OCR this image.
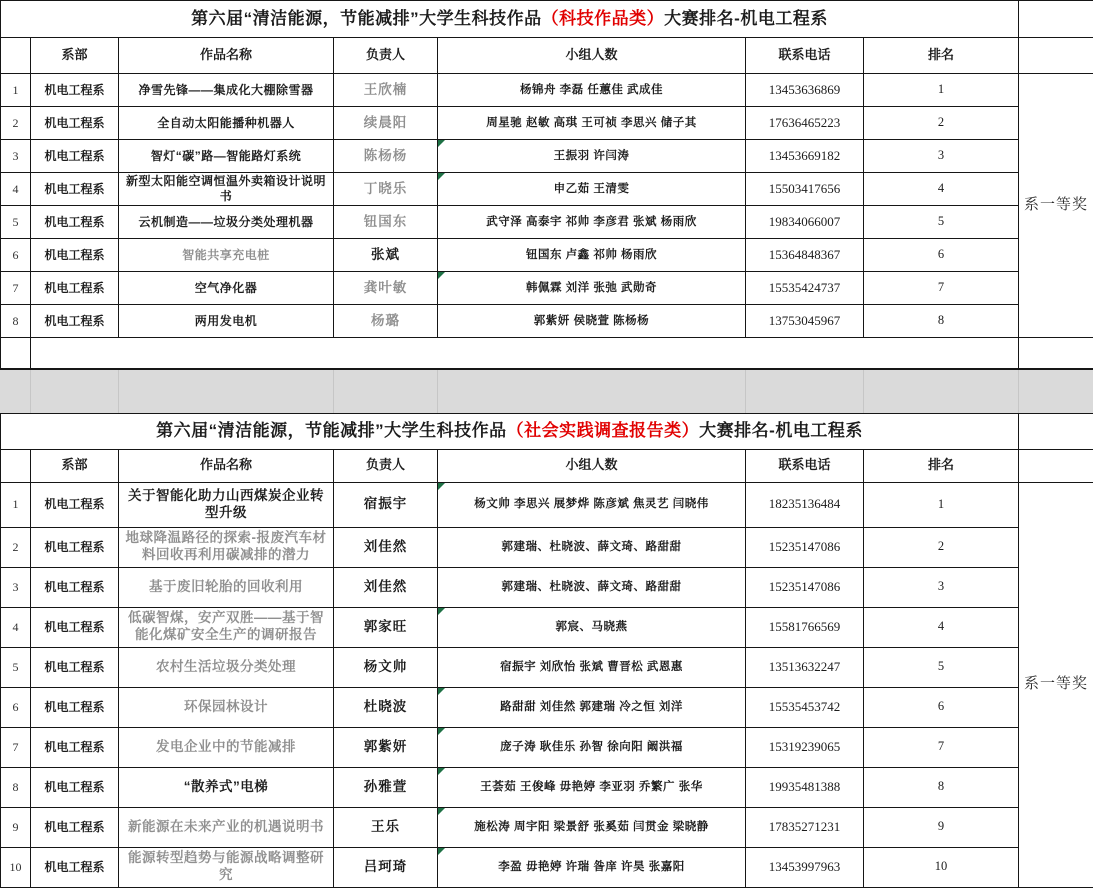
第六届“清洁能源，节能减排”大学生科技作品（科技作品类）大赛排名-机电工程系							
	系部	作品名称	负责人	小组人数	联系电话	排名	
1	机电工程系	净雪先锋——集成化大棚除雪器	王欣楠	杨锦舟 李磊 任蕙佳 武成佳	13453636869	1	系一等奖
2	机电工程系	全自动太阳能播种机器人	续晨阳	周星驰 赵敏 高琪 王可祯 李思兴 储子其	17636465223	2	
3	机电工程系	智灯“碳”路—智能路灯系统	陈杨杨	王振羽 许闫涛	13453669182	3	
4	机电工程系	新型太阳能空调恒温外卖箱设计说明书	丁晓乐	申乙茹 王清雯	15503417656	4	
5	机电工程系	云机制造——垃圾分类处理机器	钮国东	武守泽 高泰宇 祁帅 李彦君 张斌 杨雨欣	19834066007	5	
6	机电工程系	智能共享充电桩	张斌	钮国东 卢鑫 祁帅 杨雨欣	15364848367	6	
7	机电工程系	空气净化器	龚叶敏	韩佩霖 刘洋 张弛 武勋奇	15535424737	7	
8	机电工程系	两用发电机	杨璐	郭紫妍 侯晓萱 陈杨杨	13753045967	8	

第六届“清洁能源，节能减排”大学生科技作品（社会实践调查报告类）大赛排名-机电工程系							
	系部	作品名称	负责人	小组人数	联系电话	排名	
1	机电工程系	关于智能化助力山西煤炭企业转型升级	宿振宇	杨文帅 李思兴 展梦烨 陈彦斌 焦灵艺 闫晓伟	18235136484	1	系一等奖
2	机电工程系	地球降温路径的探索-报废汽车材料回收再利用碳减排的潜力	刘佳然	郭建瑞、杜晓波、薛文琦、路甜甜	15235147086	2	
3	机电工程系	基于废旧轮胎的回收利用	刘佳然	郭建瑞、杜晓波、薛文琦、路甜甜	15235147086	3	
4	机电工程系	低碳智煤，安产双胜——基于智能化煤矿安全生产的调研报告	郭家旺	郭宸、马晓燕	15581766569	4	
5	机电工程系	农村生活垃圾分类处理	杨文帅	宿振宇 刘欣怡 张斌 曹晋松 武恩惠	13513632247	5	
6	机电工程系	环保园林设计	杜晓波	路甜甜 刘佳然 郭建瑞 冷之恒 刘洋	15535453742	6	
7	机电工程系	发电企业中的节能减排	郭紫妍	庞子涛 耿佳乐 孙智 徐向阳 阚洪福	15319239065	7	
8	机电工程系	“散养式”电梯	孙雅萱	王荟茹 王俊峰 毋艳婷 李亚羽 乔繁广 张华	19935481388	8	
9	机电工程系	新能源在未来产业的机遇说明书	王乐	施松涛 周宇阳 梁景舒 张奚茹 闫贯金 梁晓静	17835271231	9	
10	机电工程系	能源转型趋势与能源战略调整研究	吕珂琦	李盈 毋艳婷 许瑞 昝庠 许昊 张嘉阳	13453997963	10	
